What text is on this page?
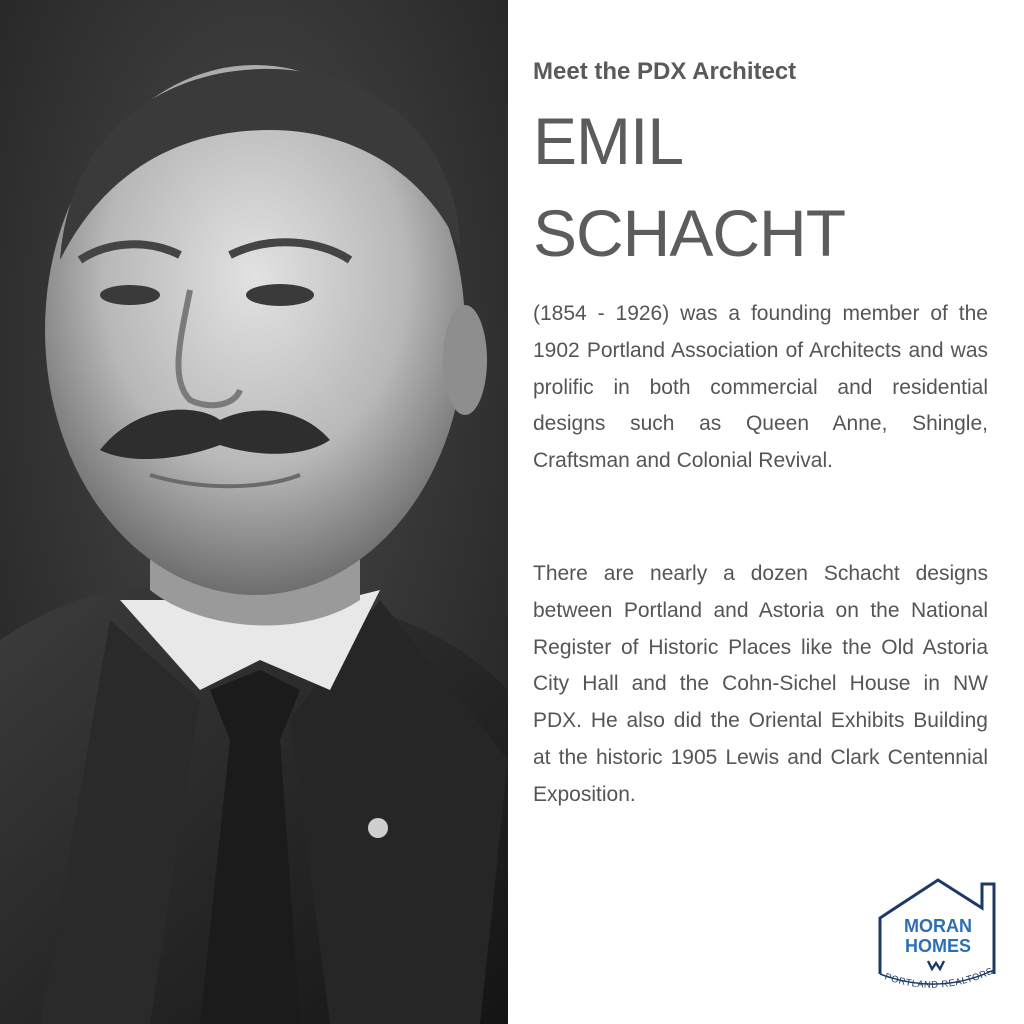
Meet the PDX Architect
EMIL
SCHACHT

(1854 - 1926) was a founding member of the 1902 Portland Association of Architects and was prolific in both commercial and residential designs such as Queen Anne, Shingle, Craftsman and Colonial Revival.

There are nearly a dozen Schacht designs between Portland and Astoria on the National Register of Historic Places like the Old Astoria City Hall and the Cohn-Sichel House in NW PDX. He also did the Oriental Exhibits Building at the historic 1905 Lewis and Clark Centennial Exposition.

MORAN
HOMES
PORTLAND REALTORS
